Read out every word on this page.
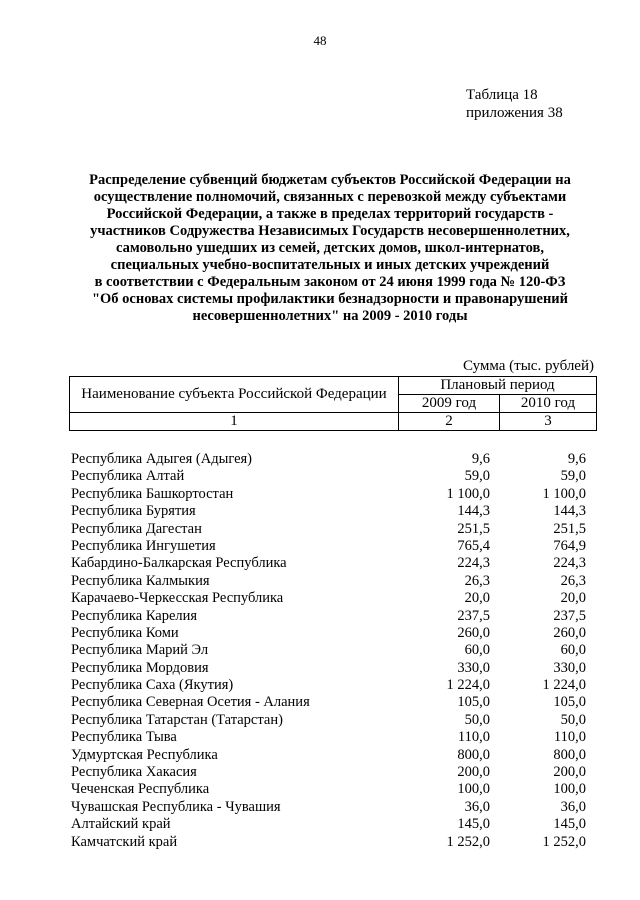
48
Таблица 18
приложения 38
Распределение субвенций бюджетам субъектов Российской Федерации на
осуществление полномочий, связанных с перевозкой между субъектами
Российской Федерации, а также в пределах территорий государств -
участников Содружества Независимых Государств несовершеннолетних,
самовольно ушедших из семей, детских домов, школ-интернатов,
специальных учебно-воспитательных и иных детских учреждений
в соответствии с Федеральным законом от 24 июня 1999 года № 120-ФЗ
"Об основах системы профилактики безнадзорности и правонарушений
несовершеннолетних" на 2009 - 2010 годы
Сумма (тыс. рублей)
Наименование субъекта Российской Федерации	Плановый период	
	2009 год	2010 год
1	2	3
Республика Адыгея (Адыгея)	9,6	9,6
Республика Алтай	59,0	59,0
Республика Башкортостан	1 100,0	1 100,0
Республика Бурятия	144,3	144,3
Республика Дагестан	251,5	251,5
Республика Ингушетия	765,4	764,9
Кабардино-Балкарская Республика	224,3	224,3
Республика Калмыкия	26,3	26,3
Карачаево-Черкесская Республика	20,0	20,0
Республика Карелия	237,5	237,5
Республика Коми	260,0	260,0
Республика Марий Эл	60,0	60,0
Республика Мордовия	330,0	330,0
Республика Саха (Якутия)	1 224,0	1 224,0
Республика Северная Осетия - Алания	105,0	105,0
Республика Татарстан (Татарстан)	50,0	50,0
Республика Тыва	110,0	110,0
Удмуртская Республика	800,0	800,0
Республика Хакасия	200,0	200,0
Чеченская Республика	100,0	100,0
Чувашская Республика - Чувашия	36,0	36,0
Алтайский край	145,0	145,0
Камчатский край	1 252,0	1 252,0
